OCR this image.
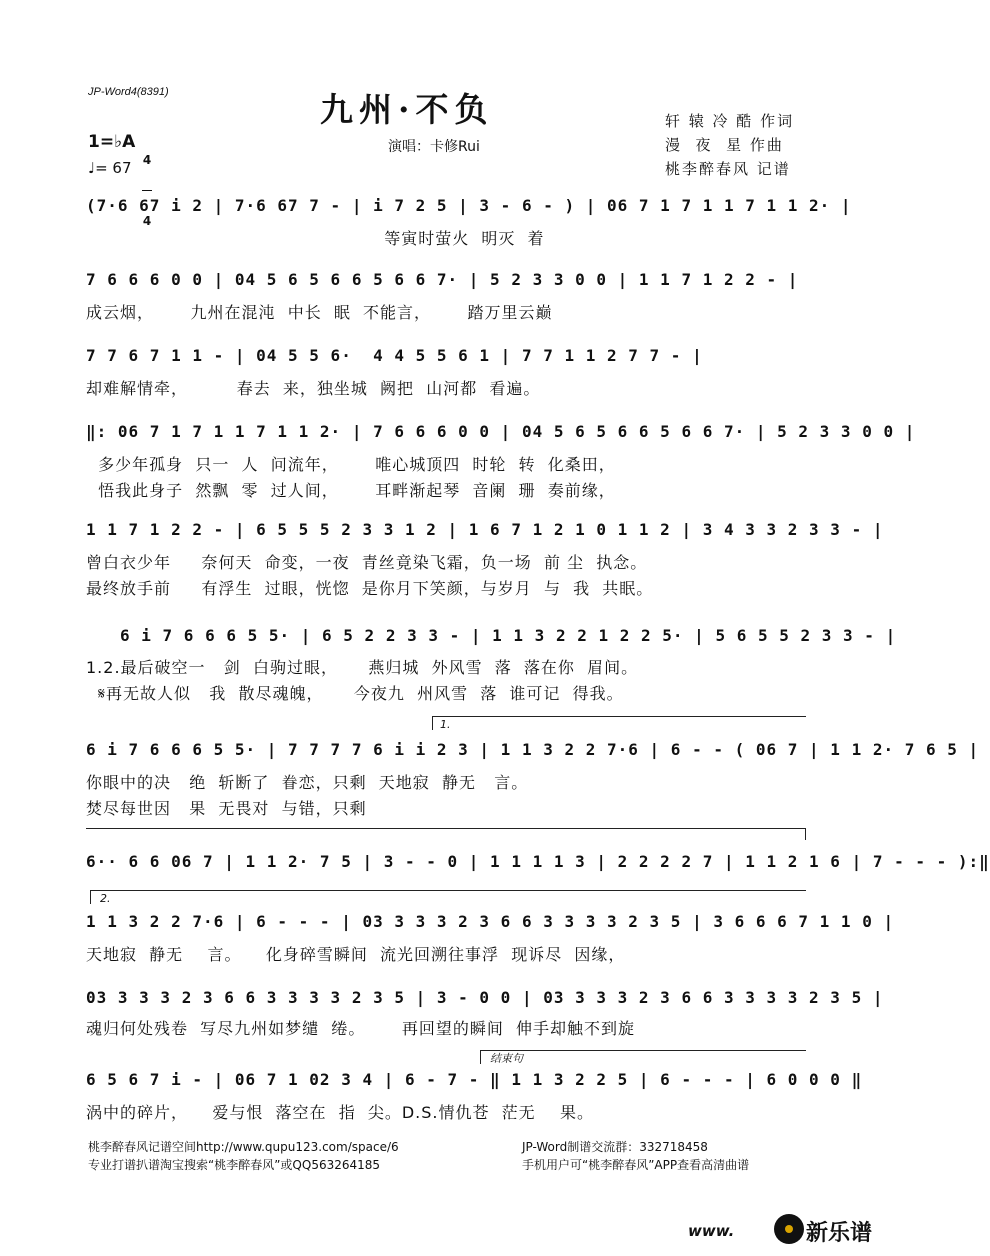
JP-Word4(8391)	九州·不负
演唱：卡修Rui
轩 辕 冷 酷 作词
漫  夜  星 作曲
桃李醉春风 记谱
1=♭A

4

4

♩= 67
(7·6 67 i 2 | 7·6 67 7 - | i 7 2 5 | 3 - 6 - ) | 06 7 1 7 1 1 7 1 1 2· |
等寅时萤火  明灭  着
7 6 6 6 0 0 | 04 5 6 5 6 6 5 6 6 7· | 5 2 3 3 0 0 | 1 1 7 1 2 2 - |
成云烟，      九州在混沌  中长  眠  不能言，      踏万里云巅
7 7 6 7 1 1 - | 04 5 5 6·  4 4 5 5 6 1 | 7 7 1 1 2 7 7 - |
却难解情牵，        春去  来，独坐城  阙把  山河都  看遍。
‖: 06 7 1 7 1 1 7 1 1 2· | 7 6 6 6 0 0 | 04 5 6 5 6 6 5 6 6 7· | 5 2 3 3 0 0 |
多少年孤身  只一  人  问流年，      唯心城顶四  时轮  转  化桑田，
悟我此身子  然飘  零  过人间，      耳畔渐起琴  音阑  珊  奏前缘，
1 1 7 1 2 2 - | 6 5 5 5 2 3 3 1 2 | 1 6 7 1 2 1 0 1 1 2 | 3 4 3 3 2 3 3 - |
曾白衣少年     奈何天  命变，一夜  青丝竟染飞霜，负一场  前 尘  执念。
最终放手前     有浮生  过眼，恍惚  是你月下笑颜，与岁月  与  我  共眠。
6 i 7 6 6 6 5 5· | 6 5 2 2 3 3 - | 1 1 3 2 2 1 2 2 5· | 5 6 5 5 2 3 3 - |
1.2.最后破空一   剑  白驹过眼，     燕归城  外风雪  落  落在你  眉间。
𝄋再无故人似   我  散尽魂魄，     今夜九  州风雪  落  谁可记  得我。
1.
6 i 7 6 6 6 5 5· | 7 7 7 7 6 i i 2 3 | 1 1 3 2 2 7·6 | 6 - - ( 06 7 | 1 1 2· 7 6 5 |
你眼中的决   绝  斩断了  眷恋，只剩  天地寂  静无   言。
焚尽每世因   果  无畏对  与错，只剩
6·· 6 6 06 7 | 1 1 2· 7 5 | 3 - - 0 | 1 1 1 1 3 | 2 2 2 2 7 | 1 1 2 1 6 | 7 - - - ):‖
2.
1 1 3 2 2 7·6 | 6 - - - | 03 3 3 3 2 3 6 6 3 3 3 3 2 3 5 | 3 6 6 6 7 1 1 0 |
天地寂  静无    言。    化身碎雪瞬间  流光回溯往事浮  现诉尽  因缘，
03 3 3 3 2 3 6 6 3 3 3 3 2 3 5 | 3 - 0 0 | 03 3 3 3 2 3 6 6 3 3 3 3 2 3 5 |
魂归何处残卷  写尽九州如梦缱  绻。      再回望的瞬间  伸手却触不到旋
结束句
6 5 6 7 i - | 06 7 1 02 3 4 | 6 - 7 - ‖ 1 1 3 2 2 5 | 6 - - - | 6 0 0 0 ‖
涡中的碎片，    爱与恨  落空在  指  尖。D.S.情仇苍  茫无    果。
桃李醉春风记谱空间http://www.qupu123.com/space/6
专业打谱扒谱淘宝搜索“桃李醉春风”或QQ563264185
JP-Word制谱交流群：332718458
手机用户可“桃李醉春风”APP查看高清曲谱
www.	新乐谱
